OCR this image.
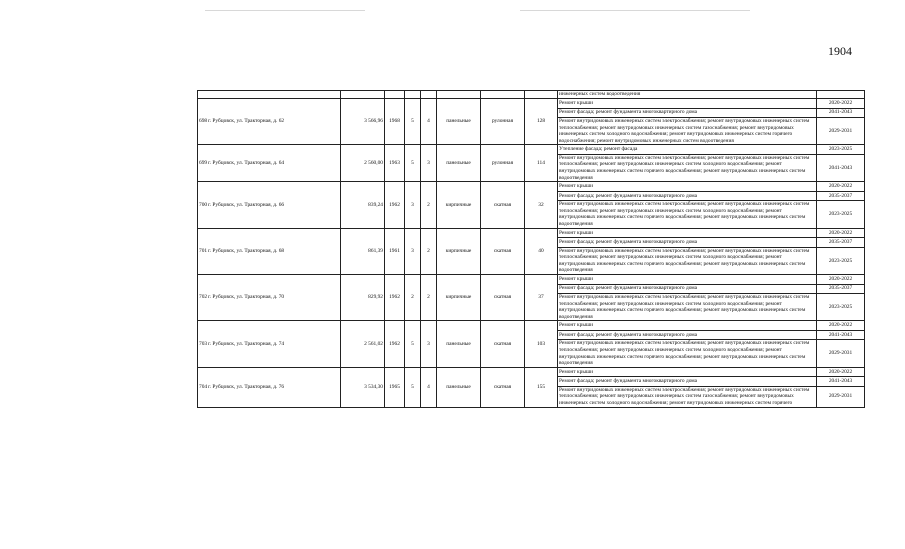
1904
								инженерных систем водоотведения	
698г. Рубцовск, ул. Тракторная, д. 62	3 566,96	1968	5	4	панельные	рулонная	128	Ремонт крыши	2020-2022
								Ремонт фасада; ремонт фундамента многоквартирного дома	2041-2043
								Ремонт внутридомовых инженерных систем электроснабжения; ремонт внутридомовых инженерных систем теплоснабжения; ремонт внутридомовых инженерных систем газоснабжения; ремонт внутридомовых инженерных систем холодного водоснабжения; ремонт внутридомовых инженерных систем горячего водоснабжения; ремонт внутридомовых инженерных систем водоотведения	2029-2031
699г. Рубцовск, ул. Тракторная, д. 64	2 560,00	1963	5	3	панельные	рулонная	114	Утепление фасада; ремонт фасада	2023-2025
								Ремонт внутридомовых инженерных систем электроснабжения; ремонт внутридомовых инженерных систем теплоснабжения; ремонт внутридомовых инженерных систем холодного водоснабжения; ремонт внутридомовых инженерных систем горячего водоснабжения; ремонт внутридомовых инженерных систем водоотведения	2041-2043
700г. Рубцовск, ул. Тракторная, д. 66	839,24	1962	3	2	кирпичные	скатная	32	Ремонт крыши	2020-2022
								Ремонт фасада; ремонт фундамента многоквартирного дома	2035-2037
								Ремонт внутридомовых инженерных систем электроснабжения; ремонт внутридомовых инженерных систем теплоснабжения; ремонт внутридомовых инженерных систем холодного водоснабжения; ремонт внутридомовых инженерных систем горячего водоснабжения; ремонт внутридомовых инженерных систем водоотведения	2023-2025
701г. Рубцовск, ул. Тракторная, д. 68	861,39	1961	3	2	кирпичные	скатная	40	Ремонт крыши	2020-2022
								Ремонт фасада; ремонт фундамента многоквартирного дома	2035-2037
								Ремонт внутридомовых инженерных систем электроснабжения; ремонт внутридомовых инженерных систем теплоснабжения; ремонт внутридомовых инженерных систем холодного водоснабжения; ремонт внутридомовых инженерных систем горячего водоснабжения; ремонт внутридомовых инженерных систем водоотведения	2023-2025
702г. Рубцовск, ул. Тракторная, д. 70	829,92	1962	2	2	кирпичные	скатная	37	Ремонт крыши	2020-2022
								Ремонт фасада; ремонт фундамента многоквартирного дома	2035-2037
								Ремонт внутридомовых инженерных систем электроснабжения; ремонт внутридомовых инженерных систем теплоснабжения; ремонт внутридомовых инженерных систем холодного водоснабжения; ремонт внутридомовых инженерных систем горячего водоснабжения; ремонт внутридомовых инженерных систем водоотведения	2023-2025
703г. Рубцовск, ул. Тракторная, д. 74	2 561,02	1962	5	3	панельные	скатная	103	Ремонт крыши	2020-2022
								Ремонт фасада; ремонт фундамента многоквартирного дома	2041-2043
								Ремонт внутридомовых инженерных систем электроснабжения; ремонт внутридомовых инженерных систем теплоснабжения; ремонт внутридомовых инженерных систем холодного водоснабжения; ремонт внутридомовых инженерных систем горячего водоснабжения; ремонт внутридомовых инженерных систем водоотведения	2029-2031
704г. Рубцовск, ул. Тракторная, д. 76	3 534,30	1965	5	4	панельные	скатная	155	Ремонт крыши	2020-2022
								Ремонт фасада; ремонт фундамента многоквартирного дома	2041-2043
								Ремонт внутридомовых инженерных систем электроснабжения; ремонт внутридомовых инженерных систем теплоснабжения; ремонт внутридомовых инженерных систем газоснабжения; ремонт внутридомовых инженерных систем холодного водоснабжения; ремонт внутридомовых инженерных систем горячего	2029-2031
